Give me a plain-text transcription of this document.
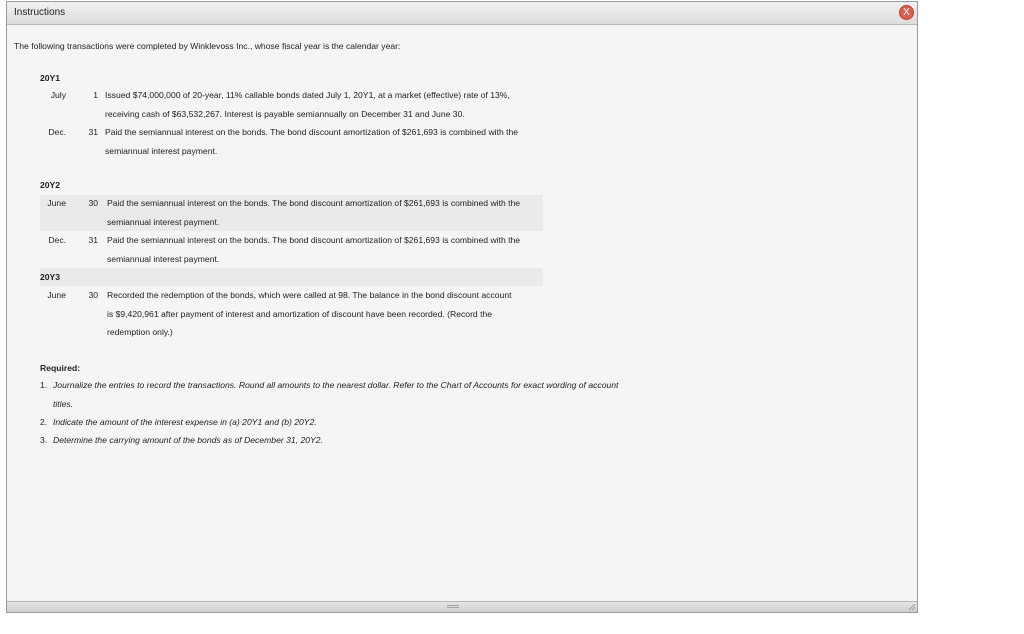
Instructions	X
The following transactions were completed by Winklevoss Inc., whose fiscal year is the calendar year:
20Y1
July	1 Issued $74,000,000 of 20-year, 11% callable bonds dated July 1, 20Y1, at a market (effective) rate of 13%, receiving cash of $63,532,267. Interest is payable semiannually on December 31 and June 30.
Dec.	31 Paid the semiannual interest on the bonds. The bond discount amortization of $261,693 is combined with the semiannual interest payment.
20Y2
June	30 Paid the semiannual interest on the bonds. The bond discount amortization of $261,693 is combined with the semiannual interest payment.
Dec.	31 Paid the semiannual interest on the bonds. The bond discount amortization of $261,693 is combined with the semiannual interest payment.
20Y3
June	30 Recorded the redemption of the bonds, which were called at 98. The balance in the bond discount account is $9,420,961 after payment of interest and amortization of discount have been recorded. (Record the redemption only.)
Required:
1. Journalize the entries to record the transactions. Round all amounts to the nearest dollar. Refer to the Chart of Accounts for exact wording of account titles.
2. Indicate the amount of the interest expense in (a) 20Y1 and (b) 20Y2.
3. Determine the carrying amount of the bonds as of December 31, 20Y2.
